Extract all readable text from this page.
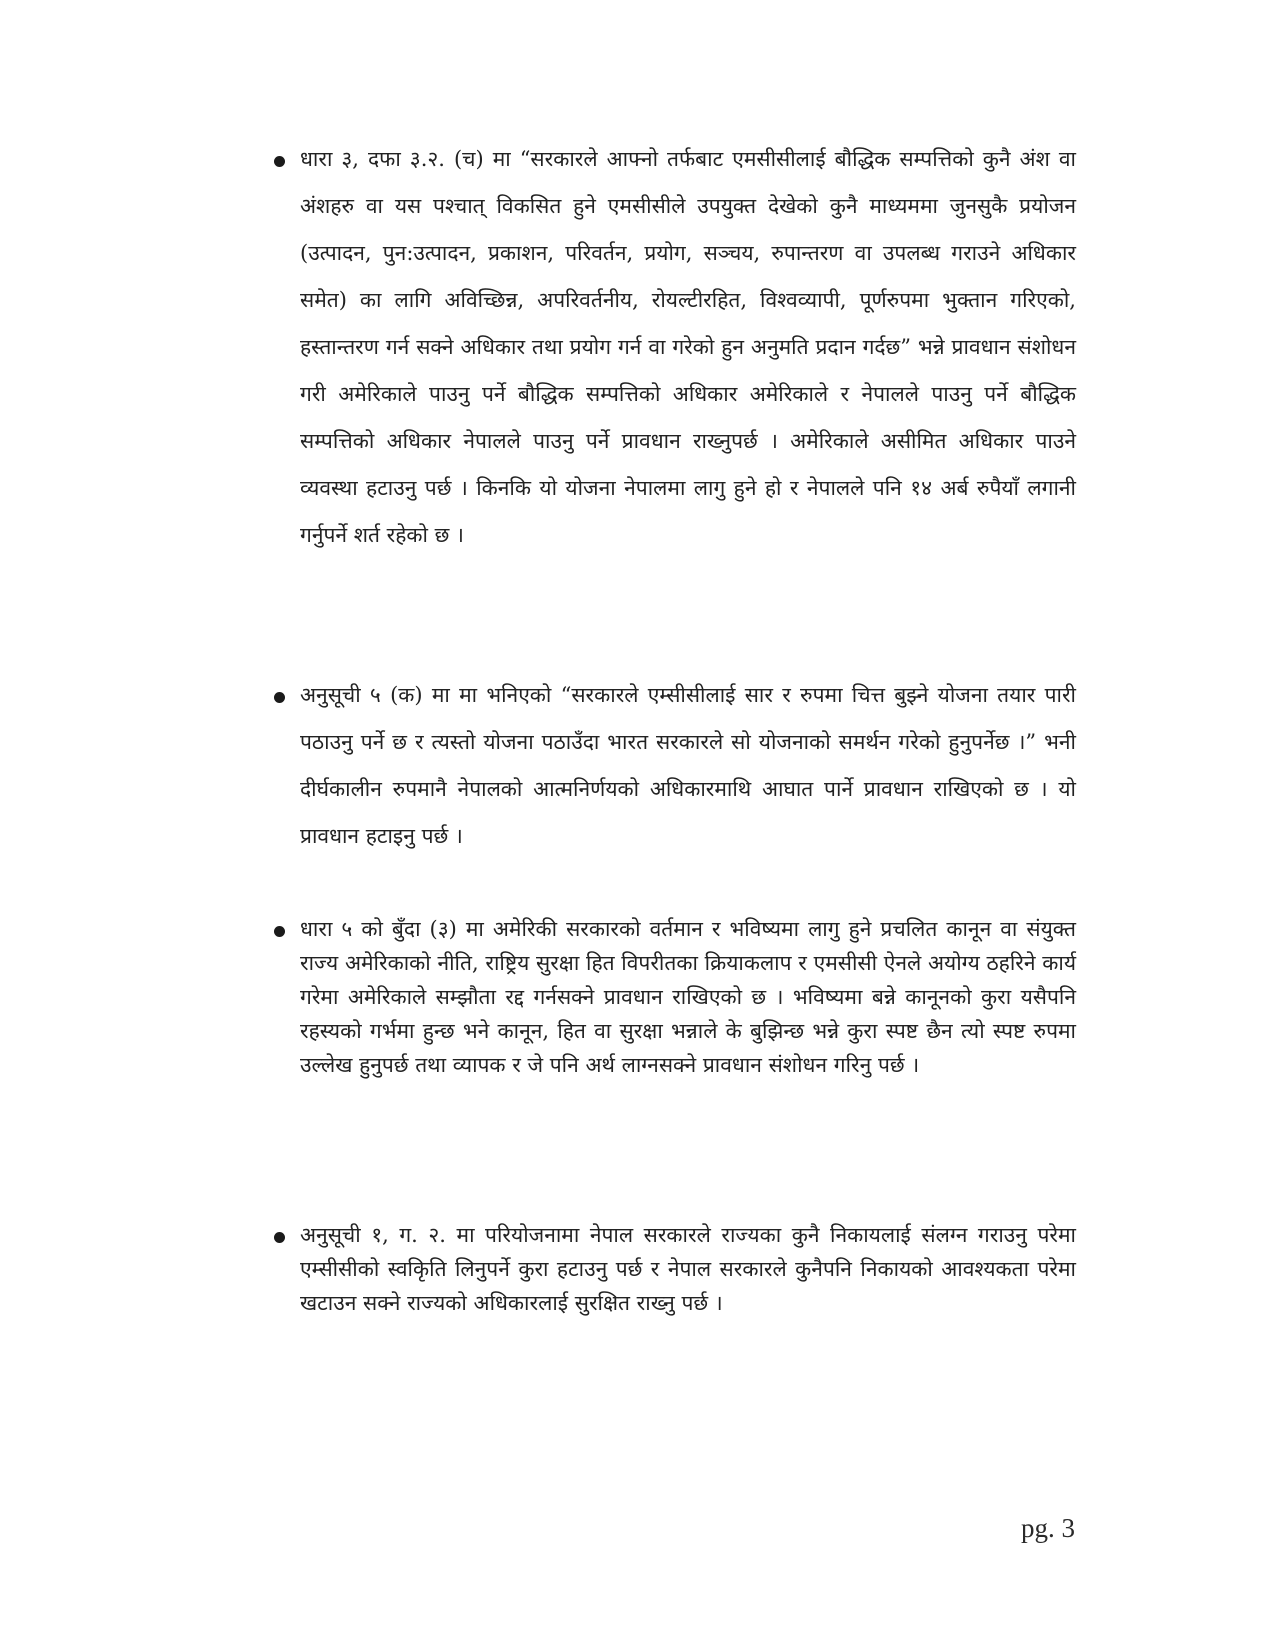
धारा ३, दफा ३.२. (च) मा “सरकारले आफ्नो तर्फबाट एमसीसीलाई बौद्धिक सम्पत्तिको कुनै अंश वा अंशहरु वा यस पश्चात् विकसित हुने एमसीसीले उपयुक्त देखेको कुनै माध्यममा जुनसुकै प्रयोजन (उत्पादन, पुन:उत्पादन, प्रकाशन, परिवर्तन, प्रयोग, सञ्चय, रुपान्तरण वा उपलब्ध गराउने अधिकार समेत) का लागि अविच्छिन्न, अपरिवर्तनीय, रोयल्टीरहित, विश्वव्यापी, पूर्णरुपमा भुक्तान गरिएको, हस्तान्तरण गर्न सक्ने अधिकार तथा प्रयोग गर्न वा गरेको हुन अनुमति प्रदान गर्दछ” भन्ने प्रावधान संशोधन गरी अमेरिकाले पाउनु पर्ने बौद्धिक सम्पत्तिको अधिकार अमेरिकाले र नेपालले पाउनु पर्ने बौद्धिक सम्पत्तिको अधिकार नेपालले पाउनु पर्ने प्रावधान राख्नुपर्छ । अमेरिकाले असीमित अधिकार पाउने व्यवस्था हटाउनु पर्छ । किनकि यो योजना नेपालमा लागु हुने हो र नेपालले पनि १४ अर्ब रुपैयाँ लगानी गर्नुपर्ने शर्त रहेको छ ।

अनुसूची ५ (क) मा मा भनिएको “सरकारले एम्सीसीलाई सार र रुपमा चित्त बुझ्ने योजना तयार पारी पठाउनु पर्ने छ र त्यस्तो योजना पठाउँदा भारत सरकारले सो योजनाको समर्थन गरेको हुनुपर्नेछ ।” भनी दीर्घकालीन रुपमानै नेपालको आत्मनिर्णयको अधिकारमाथि आघात पार्ने प्रावधान राखिएको छ । यो प्रावधान हटाइनु पर्छ ।

धारा ५ को बुँदा (३) मा अमेरिकी सरकारको वर्तमान र भविष्यमा लागु हुने प्रचलित कानून वा संयुक्त राज्य अमेरिकाको नीति, राष्ट्रिय सुरक्षा हित विपरीतका क्रियाकलाप र एमसीसी ऐनले अयोग्य ठहरिने कार्य गरेमा अमेरिकाले सम्झौता रद्द गर्नसक्ने प्रावधान राखिएको छ । भविष्यमा बन्ने कानूनको कुरा यसैपनि रहस्यको गर्भमा हुन्छ भने कानून, हित वा सुरक्षा भन्नाले के बुझिन्छ भन्ने कुरा स्पष्ट छैन त्यो स्पष्ट रुपमा उल्लेख हुनुपर्छ तथा व्यापक र जे पनि अर्थ लाग्नसक्ने प्रावधान संशोधन गरिनु पर्छ ।

अनुसूची १, ग. २. मा परियोजनामा नेपाल सरकारले राज्यका कुनै निकायलाई संलग्न गराउनु परेमा एम्सीसीको स्वकिृति लिनुपर्ने कुरा हटाउनु पर्छ र नेपाल सरकारले कुनैपनि निकायको आवश्यकता परेमा खटाउन सक्ने राज्यको अधिकारलाई सुरक्षित राख्नु पर्छ ।

pg. 3
